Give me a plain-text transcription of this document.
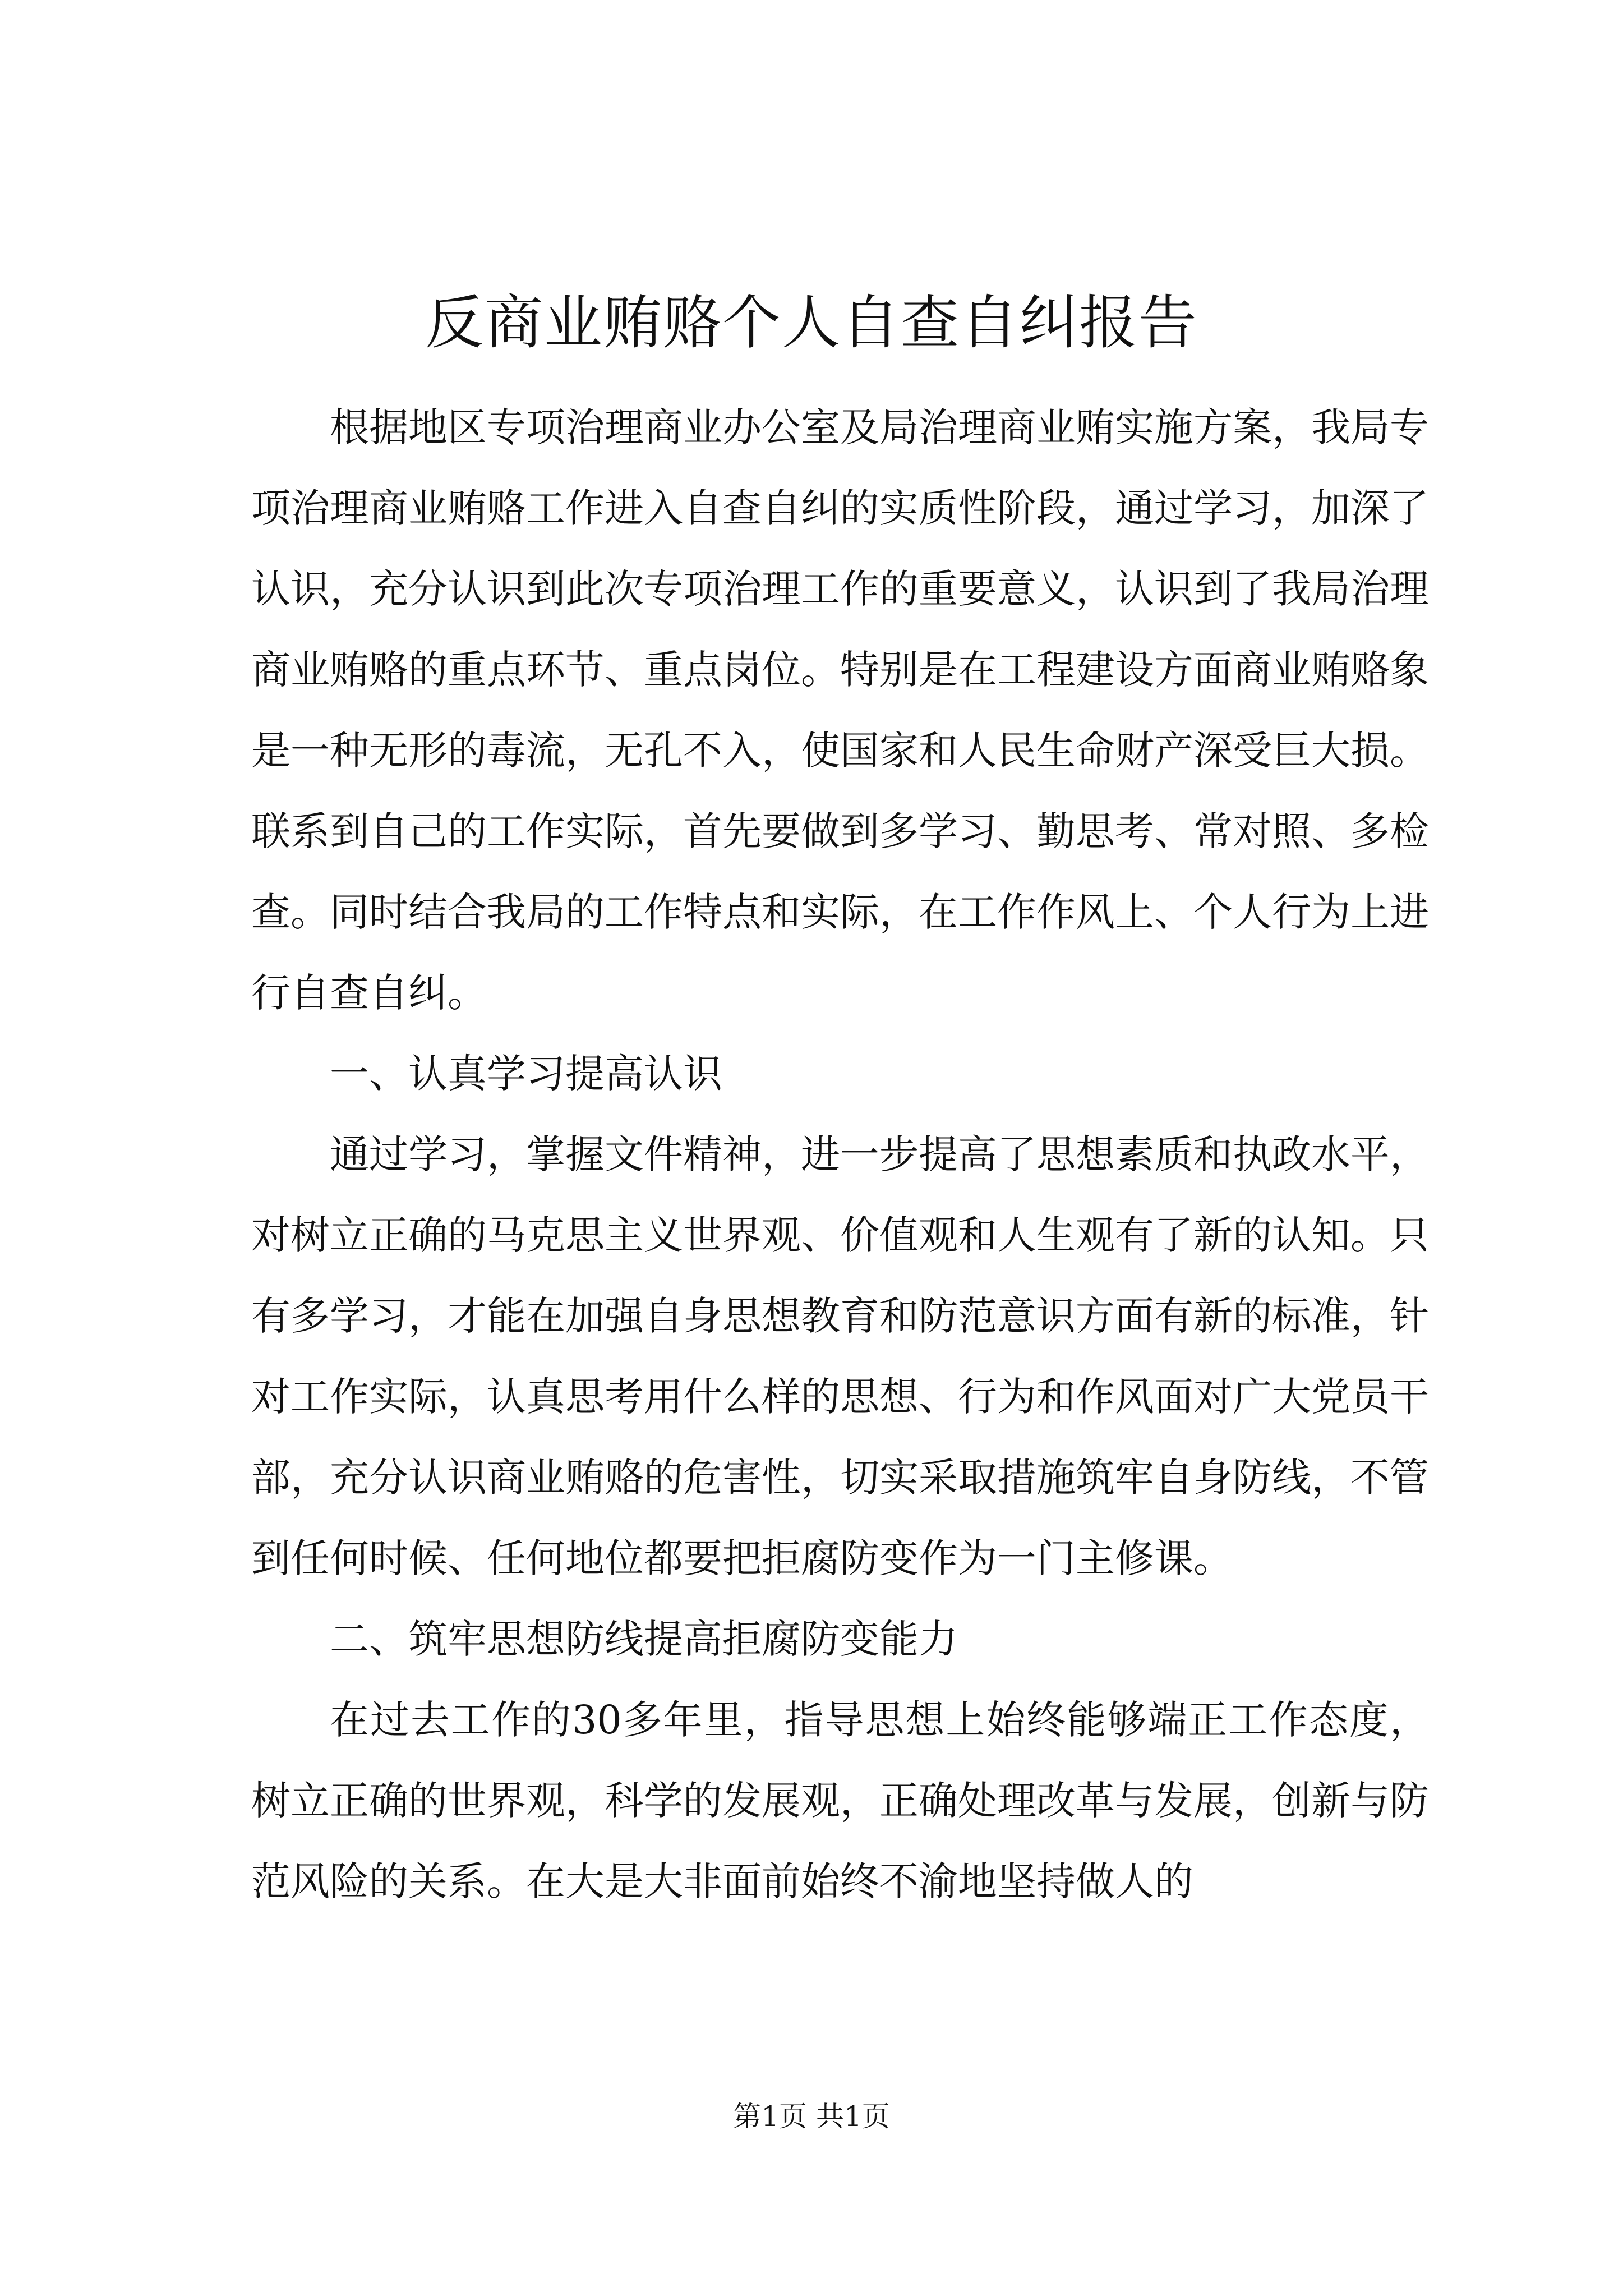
反商业贿赂个人自查自纠报告

根据地区专项治理商业办公室及局治理商业贿实施方案，我局专项治理商业贿赂工作进入自查自纠的实质性阶段，通过学习，加深了认识，充分认识到此次专项治理工作的重要意义，认识到了我局治理商业贿赂的重点环节、重点岗位。特别是在工程建设方面商业贿赂象是一种无形的毒流，无孔不入，使国家和人民生命财产深受巨大损。联系到自己的工作实际，首先要做到多学习、勤思考、常对照、多检查。同时结合我局的工作特点和实际，在工作作风上、个人行为上进行自查自纠。

一、认真学习提高认识

通过学习，掌握文件精神，进一步提高了思想素质和执政水平，对树立正确的马克思主义世界观、价值观和人生观有了新的认知。只有多学习，才能在加强自身思想教育和防范意识方面有新的标准，针对工作实际，认真思考用什么样的思想、行为和作风面对广大党员干部，充分认识商业贿赂的危害性，切实采取措施筑牢自身防线，不管到任何时候、任何地位都要把拒腐防变作为一门主修课。

二、筑牢思想防线提高拒腐防变能力

在过去工作的30多年里，指导思想上始终能够端正工作态度，树立正确的世界观，科学的发展观，正确处理改革与发展，创新与防范风险的关系。在大是大非面前始终不渝地坚持做人的

第1页 共1页
